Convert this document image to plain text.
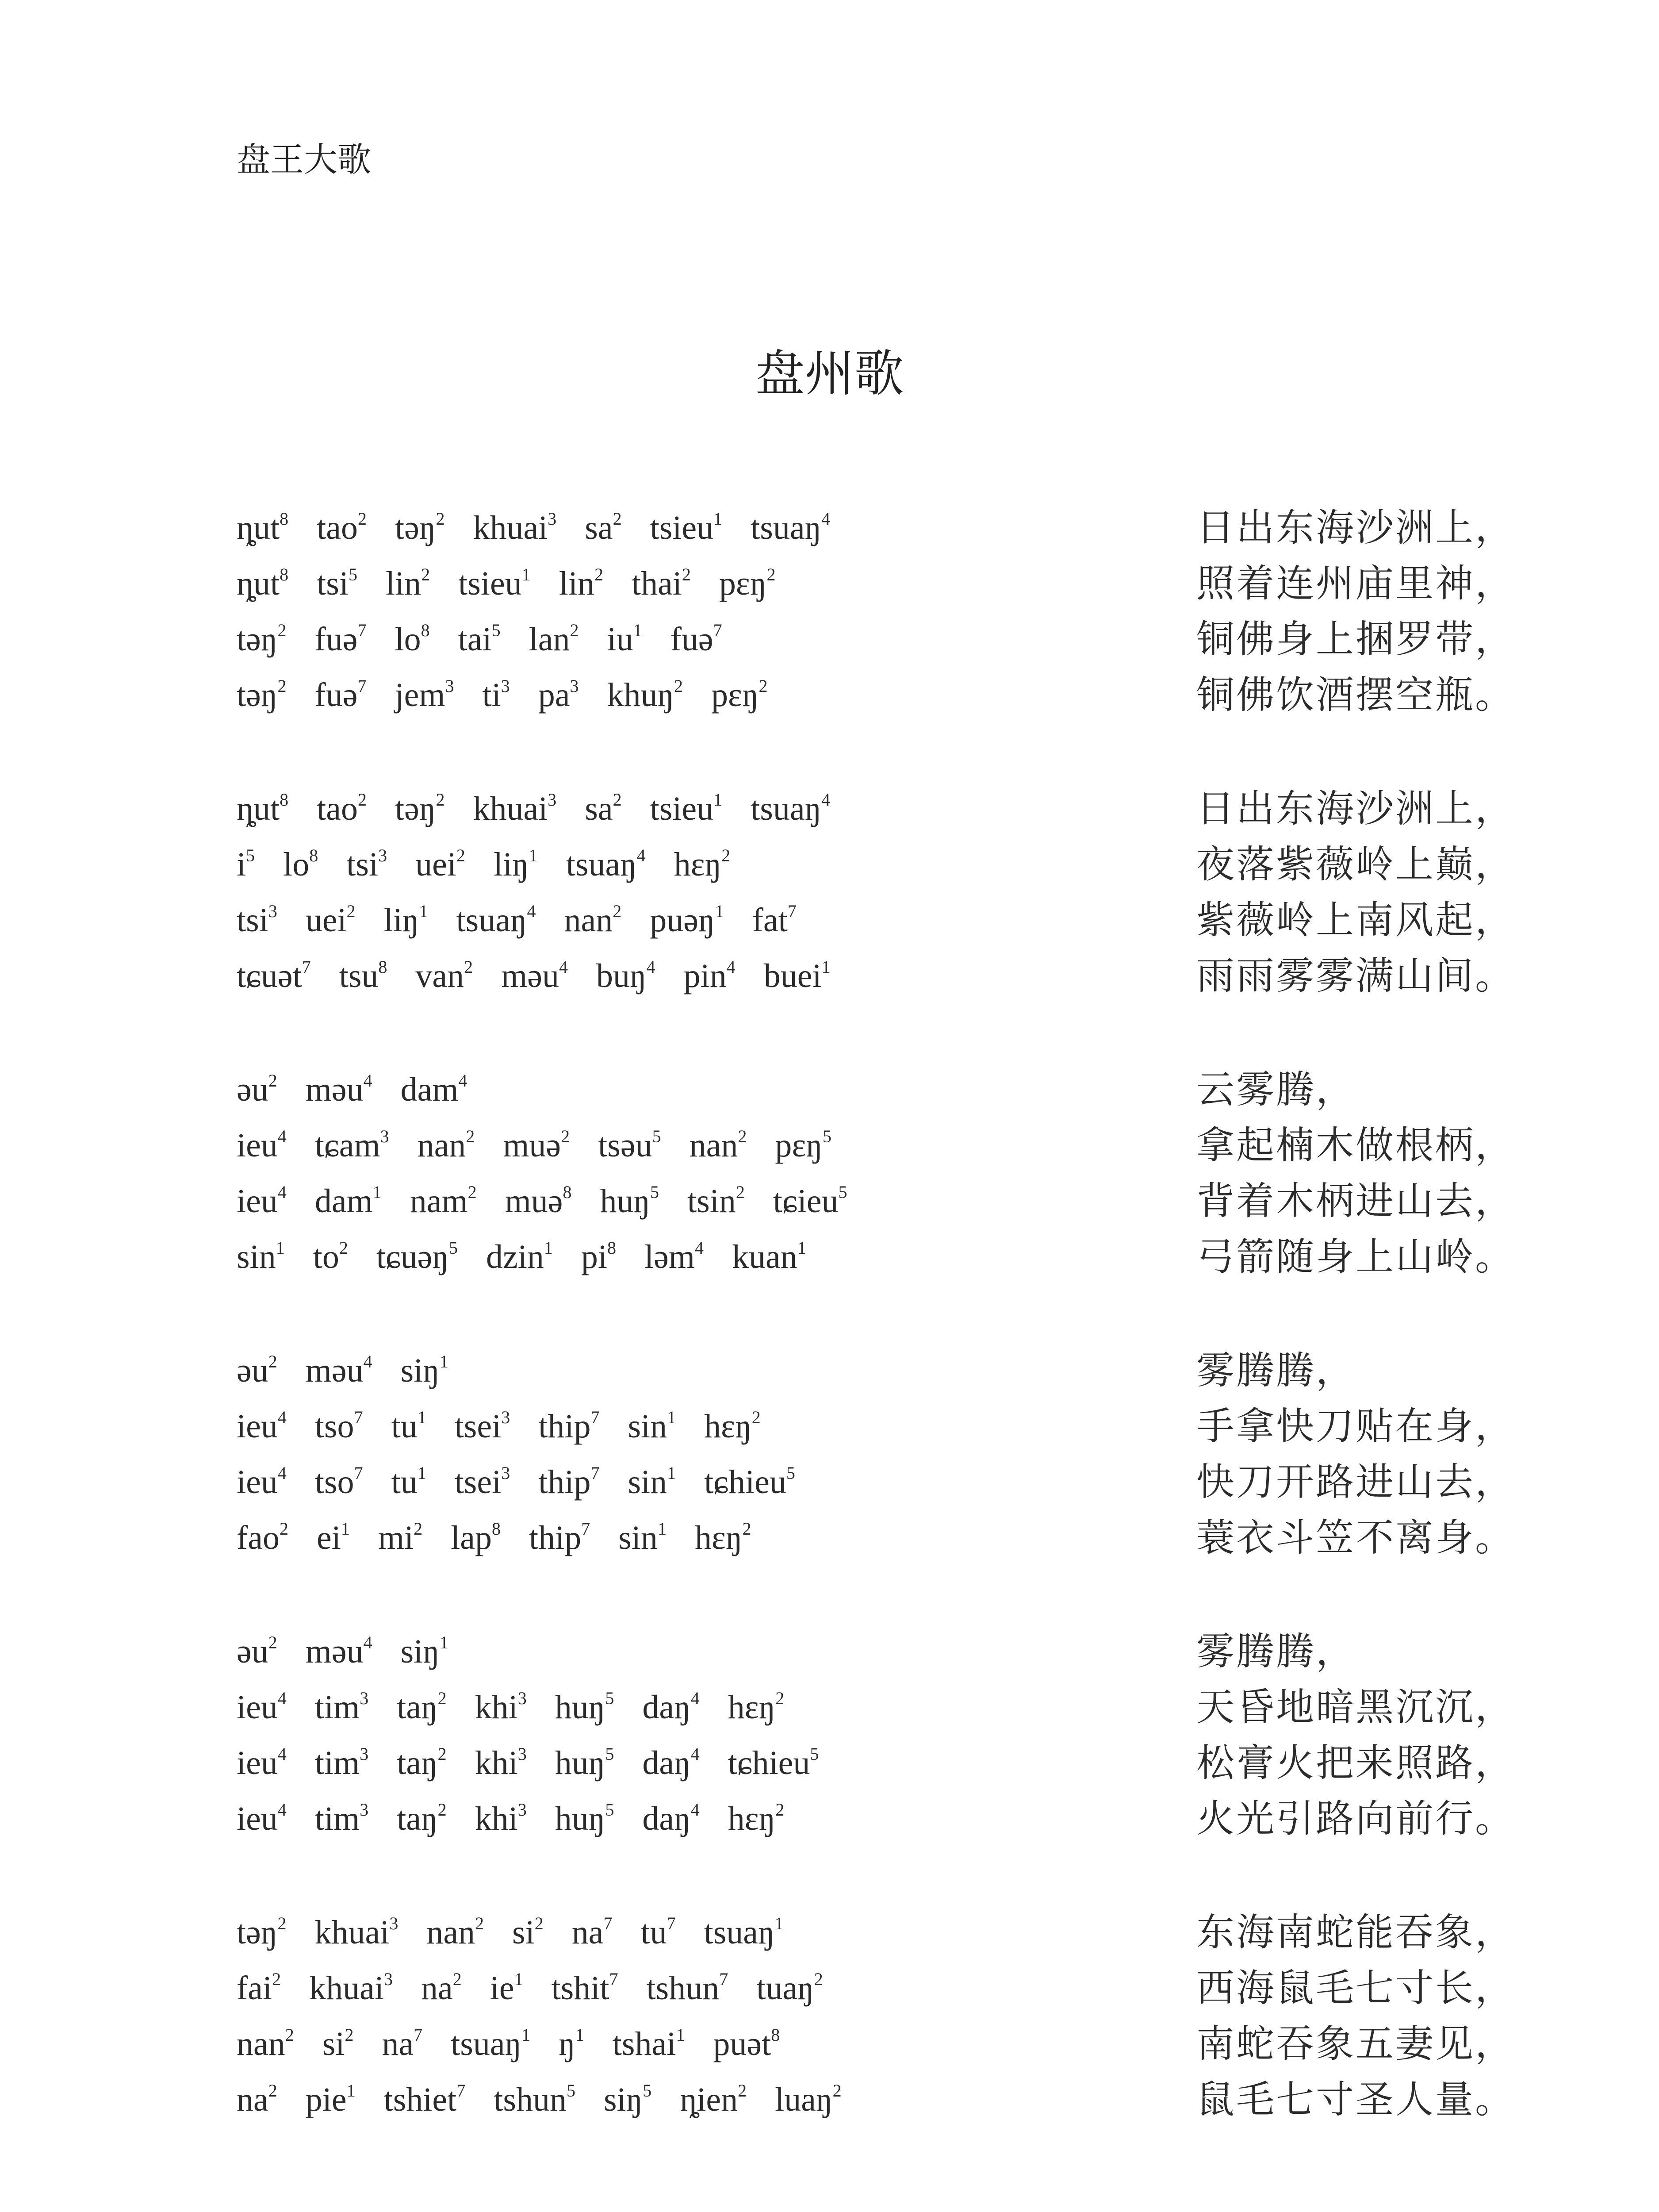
盘王大歌
盘州歌
ȵut$^8$ tao$^2$ təŋ$^2$ khuai$^3$ $sa^2$ tsieu$^1$ tsuaŋ$^4$
ȵut$^8$ tsi$^5$ lin$^2$ tsieu$^1$ lin$^2$ thai$^2$ pɛŋ$^2$
təŋ$^2$ fuə$^7$ $lo^8$ tai$^5$ lan$^2$ $iu^1$ fuə$^7$
təŋ$^2$ fuə$^7$ jem$^3$ $ti^3$ $pa^3$ khuŋ$^2$ pɛŋ$^2$
日出东海沙洲上，
照着连州庙里神，
铜佛身上捆罗带，
铜佛饮酒摆空瓶。
ȵut$^8$ tao$^2$ təŋ$^2$ khuai$^3$ $sa^2$ tsieu$^1$ tsuaŋ$^4$
$i^5$ $lo^8$ tsi$^3$ uei$^2$ liŋ$^1$ tsuaŋ$^4$ hɛŋ$^2$
tsi$^3$ uei$^2$ liŋ$^1$ tsuaŋ$^4$ nan$^2$ puəŋ$^1$ fat$^7$
tɕuət$^7$ tsu$^8$ van$^2$ məu$^4$ buŋ$^4$ pin$^4$ buei$^1$
日出东海沙洲上，
夜落紫薇岭上巅，
紫薇岭上南风起，
雨雨雾雾满山间。
əu$^2$ məu$^4$ dam$^4$
ieu$^4$ tɕam$^3$ nan$^2$ muə$^2$ tsəu$^5$ nan$^2$ pɛŋ$^5$
ieu$^4$ dam$^1$ nam$^2$ muə$^8$ huŋ$^5$ tsin$^2$ tɕieu$^5$
$\sin^1 to^2$ tɕuəŋ$^5$ dzin$^1$ $pi^8$ ləm$^4$ kuan$^1$
云雾腾，
拿起楠木做根柄，
背着木柄进山去，
弓箭随身上山岭。
əu$^2$ məu$^4$ siŋ$^1$
ieu$^4$ tso$^7$ $tu^1$ tsei$^3$ thip$^7$ $\sin^1$ hɛŋ$^2$
ieu$^4$ tso$^7$ $tu^1$ tsei$^3$ thip$^7$ $\sin^1$ tɕhieu$^5$
fao$^2$ $ei^1$ $mi^2$ lap$^8$ thip$^7$ $\sin^1$ hɛŋ$^2$
雾腾腾，
手拿快刀贴在身，
快刀开路进山去，
蓑衣斗笠不离身。
əu$^2$ məu$^4$ siŋ$^1$
ieu$^4$ tim$^3$ taŋ$^2$ khi$^3$ huŋ$^5$ daŋ$^4$ hɛŋ$^2$
ieu$^4$ tim$^3$ taŋ$^2$ khi$^3$ huŋ$^5$ daŋ$^4$ tɕhieu$^5$
ieu$^4$ tim$^3$ taŋ$^2$ khi$^3$ huŋ$^5$ daŋ$^4$ hɛŋ$^2$
雾腾腾，
天昏地暗黑沉沉，
松膏火把来照路，
火光引路向前行。
təŋ$^2$ khuai$^3$ nan$^2$ $si^2$ $na^7$ $tu^7$ tsuaŋ$^1$
fai$^2$ khuai$^3$ $na^2$ $ie^1$ tshit$^7$ tshun$^7$ tuaŋ$^2$
nan$^2$ $si^2$ $na^7$ tsuaŋ$^1$ $ŋ^1$ tshai$^1$ puət$^8$
$na^2$ pie$^1$ tshiet$^7$ tshun$^5$ siŋ$^5$ ȵien$^2$ luaŋ$^2$
东海南蛇能吞象，
西海鼠毛七寸长，
南蛇吞象五妻见，
鼠毛七寸圣人量。
